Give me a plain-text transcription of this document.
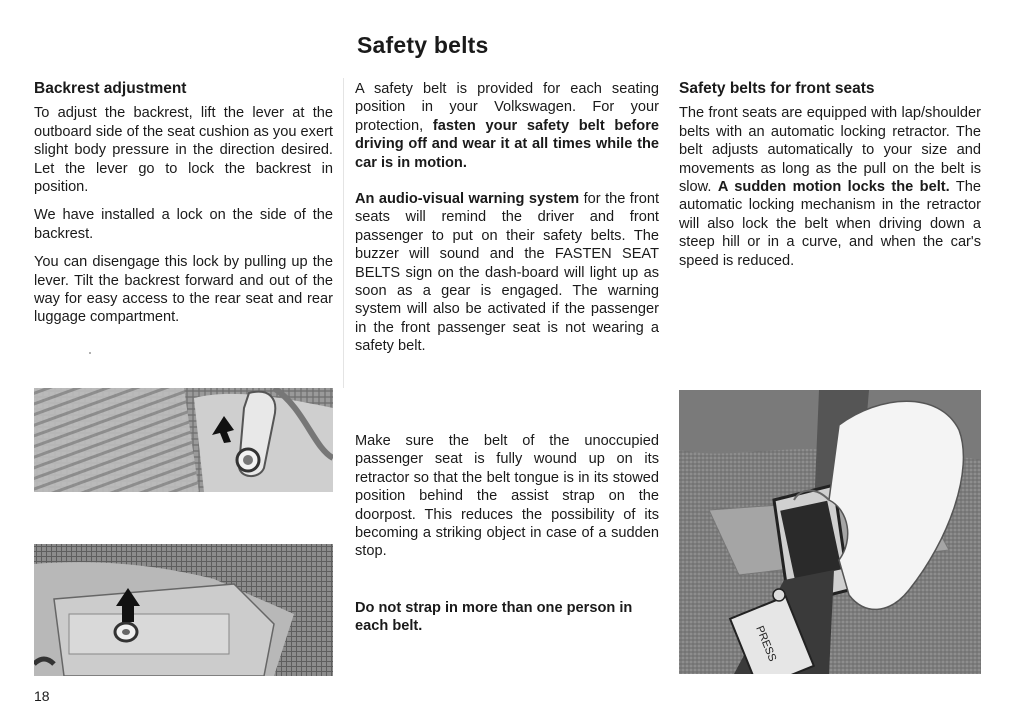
Safety belts
Backrest adjustment

To adjust the backrest, lift the lever at the outboard side of the seat cushion as you exert slight body pressure in the direction desired. Let the lever go to lock the backrest in position.

We have installed a lock on the side of the backrest.

You can disengage this lock by pulling up the lever. Tilt the backrest forward and out of the way for easy access to the rear seat and rear luggage compartment.

A safety belt is provided for each seating position in your Volkswagen. For your protection, fasten your safety belt before driving off and wear it at all times while the car is in motion.

An audio-visual warning system for the front seats will remind the driver and front passenger to put on their safety belts. The buzzer will sound and the FASTEN SEAT BELTS sign on the dash-board will light up as soon as a gear is engaged. The warning system will also be activated if the passenger in the front passenger seat is not wearing a safety belt.

Make sure the belt of the unoccupied passenger seat is fully wound up on its retractor so that the belt tongue is in its stowed position behind the assist strap on the doorpost. This reduces the possibility of its becoming a striking object in case of a sudden stop.

Do not strap in more than one person in each belt.

Safety belts for front seats

The front seats are equipped with lap/shoulder belts with an automatic locking retractor. The belt adjusts automatically to your size and movements as long as the pull on the belt is slow. A sudden motion locks the belt. The automatic locking mechanism in the retractor will also lock the belt when driving down a steep hill or in a curve, and when the car's speed is reduced.

PRESS
18
